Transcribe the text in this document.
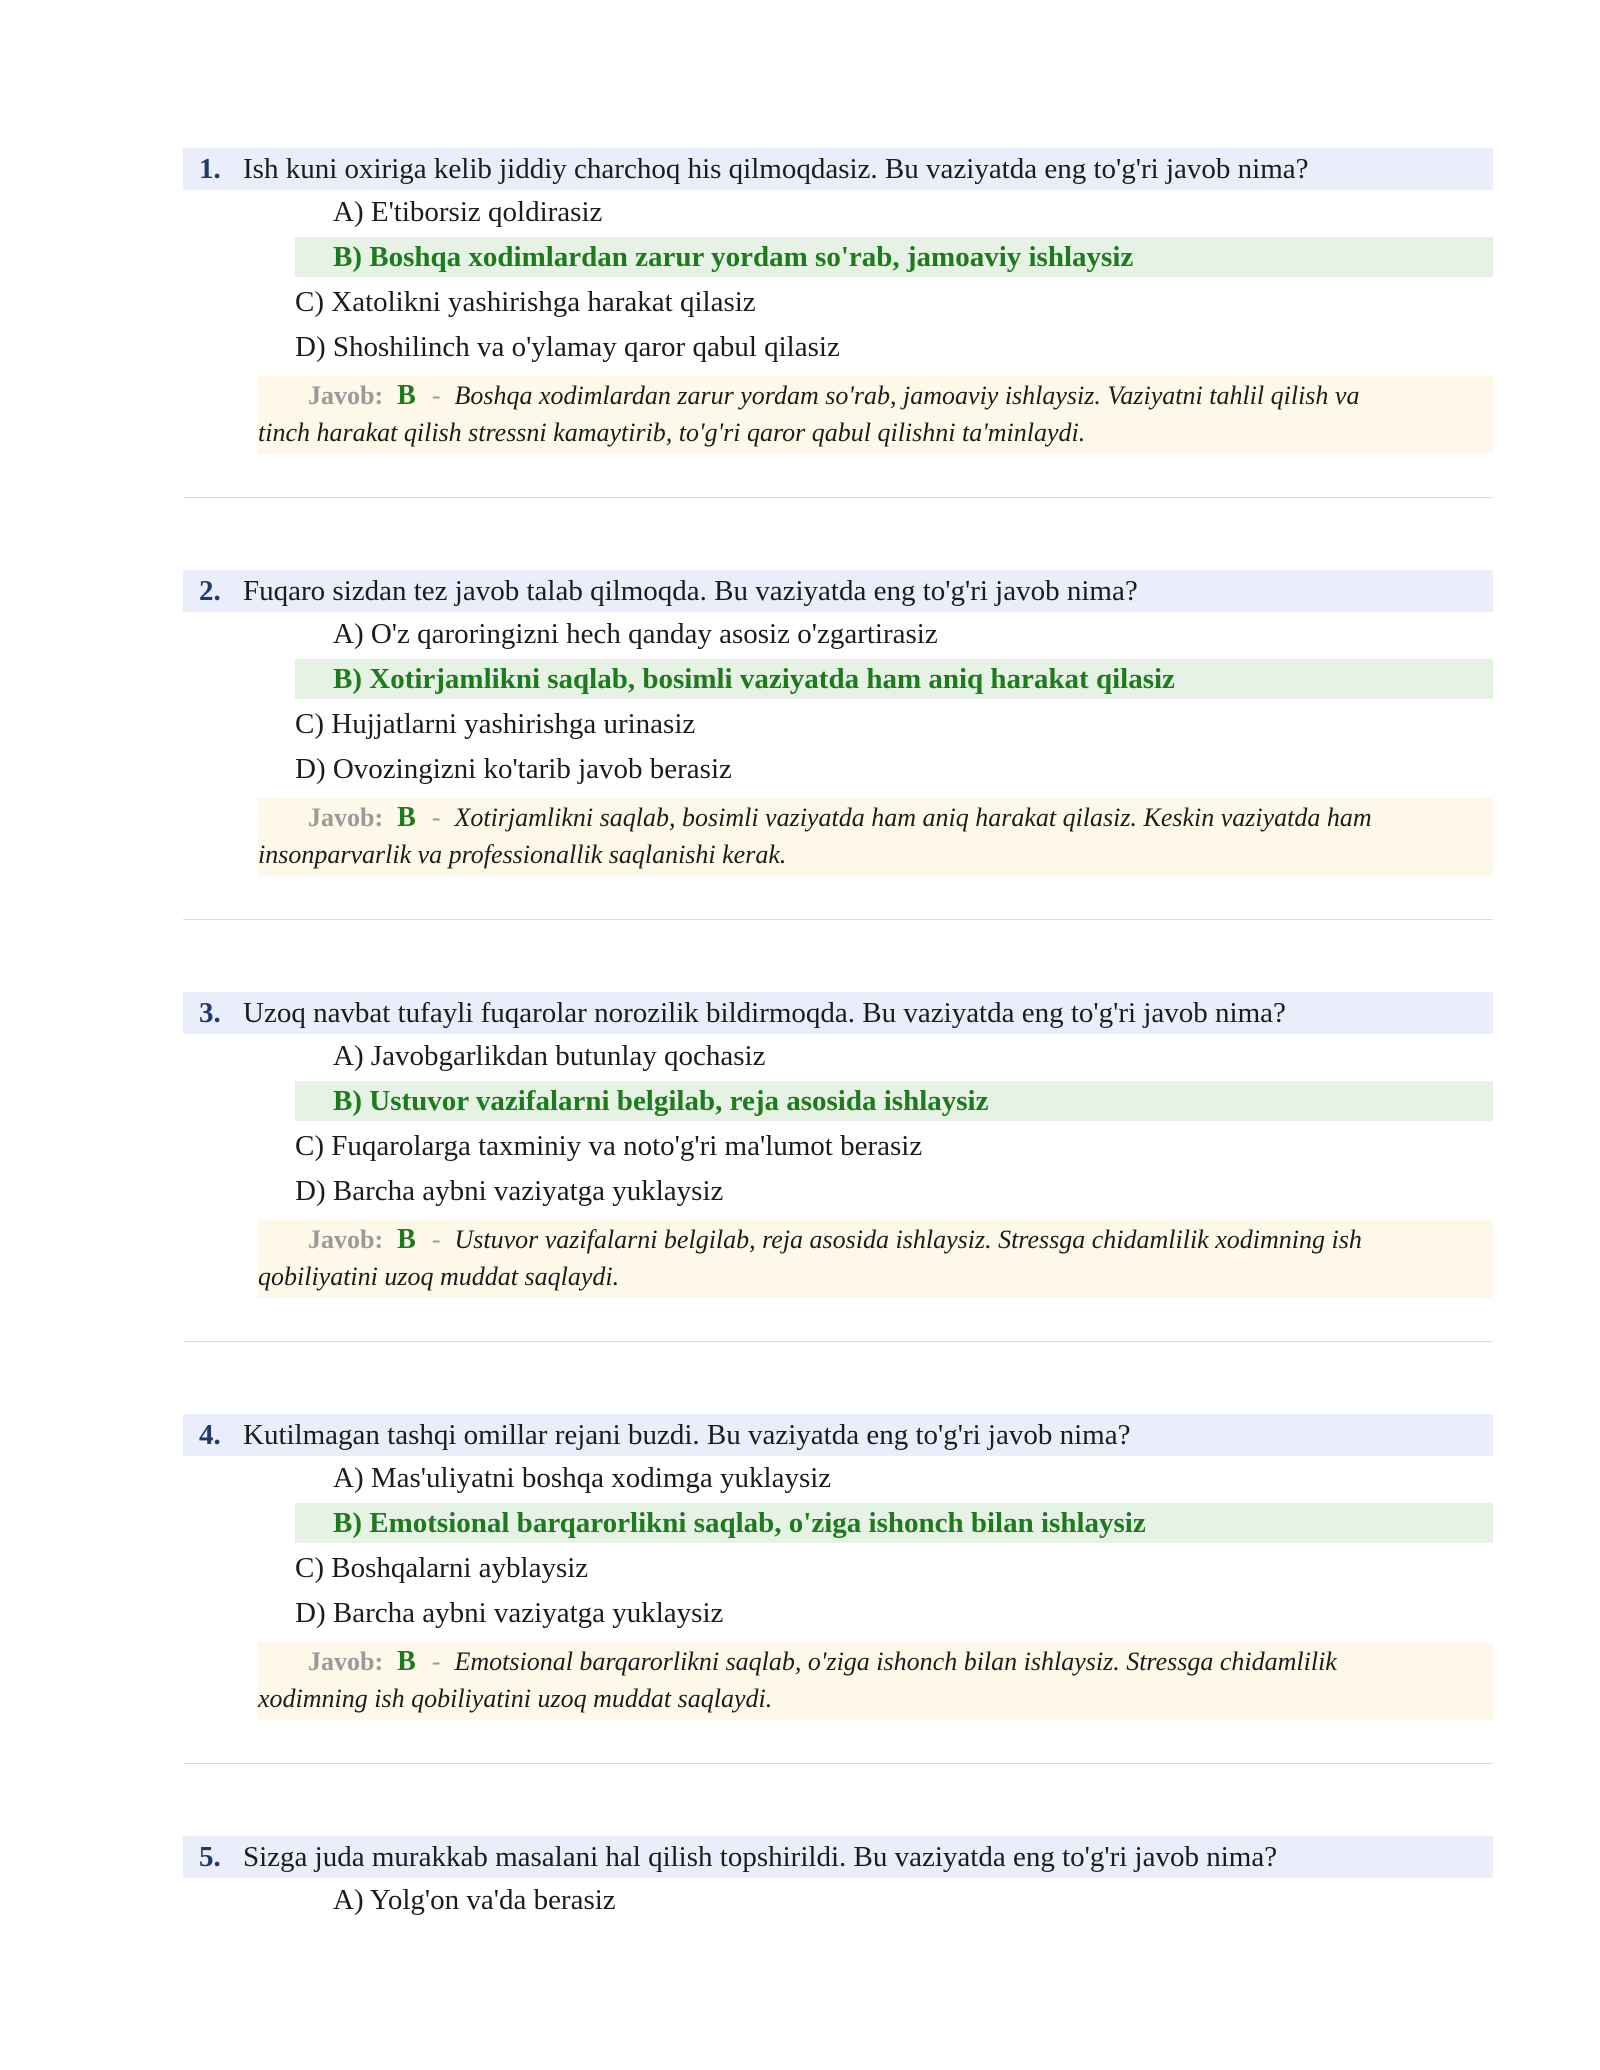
1. Ish kuni oxiriga kelib jiddiy charchoq his qilmoqdasiz. Bu vaziyatda eng to'g'ri javob nima?
A) E'tiborsiz qoldirasiz
B) Boshqa xodimlardan zarur yordam so'rab, jamoaviy ishlaysiz
C) Xatolikni yashirishga harakat qilasiz
D) Shoshilinch va o'ylamay qaror qabul qilasiz
Javob: B - Boshqa xodimlardan zarur yordam so'rab, jamoaviy ishlaysiz. Vaziyatni tahlil qilish va
tinch harakat qilish stressni kamaytirib, to'g'ri qaror qabul qilishni ta'minlaydi.
2. Fuqaro sizdan tez javob talab qilmoqda. Bu vaziyatda eng to'g'ri javob nima?
A) O'z qaroringizni hech qanday asosiz o'zgartirasiz
B) Xotirjamlikni saqlab, bosimli vaziyatda ham aniq harakat qilasiz
C) Hujjatlarni yashirishga urinasiz
D) Ovozingizni ko'tarib javob berasiz
Javob: B - Xotirjamlikni saqlab, bosimli vaziyatda ham aniq harakat qilasiz. Keskin vaziyatda ham
insonparvarlik va professionallik saqlanishi kerak.
3. Uzoq navbat tufayli fuqarolar norozilik bildirmoqda. Bu vaziyatda eng to'g'ri javob nima?
A) Javobgarlikdan butunlay qochasiz
B) Ustuvor vazifalarni belgilab, reja asosida ishlaysiz
C) Fuqarolarga taxminiy va noto'g'ri ma'lumot berasiz
D) Barcha aybni vaziyatga yuklaysiz
Javob: B - Ustuvor vazifalarni belgilab, reja asosida ishlaysiz. Stressga chidamlilik xodimning ish
qobiliyatini uzoq muddat saqlaydi.
4. Kutilmagan tashqi omillar rejani buzdi. Bu vaziyatda eng to'g'ri javob nima?
A) Mas'uliyatni boshqa xodimga yuklaysiz
B) Emotsional barqarorlikni saqlab, o'ziga ishonch bilan ishlaysiz
C) Boshqalarni ayblaysiz
D) Barcha aybni vaziyatga yuklaysiz
Javob: B - Emotsional barqarorlikni saqlab, o'ziga ishonch bilan ishlaysiz. Stressga chidamlilik
xodimning ish qobiliyatini uzoq muddat saqlaydi.
5. Sizga juda murakkab masalani hal qilish topshirildi. Bu vaziyatda eng to'g'ri javob nima?
A) Yolg'on va'da berasiz
